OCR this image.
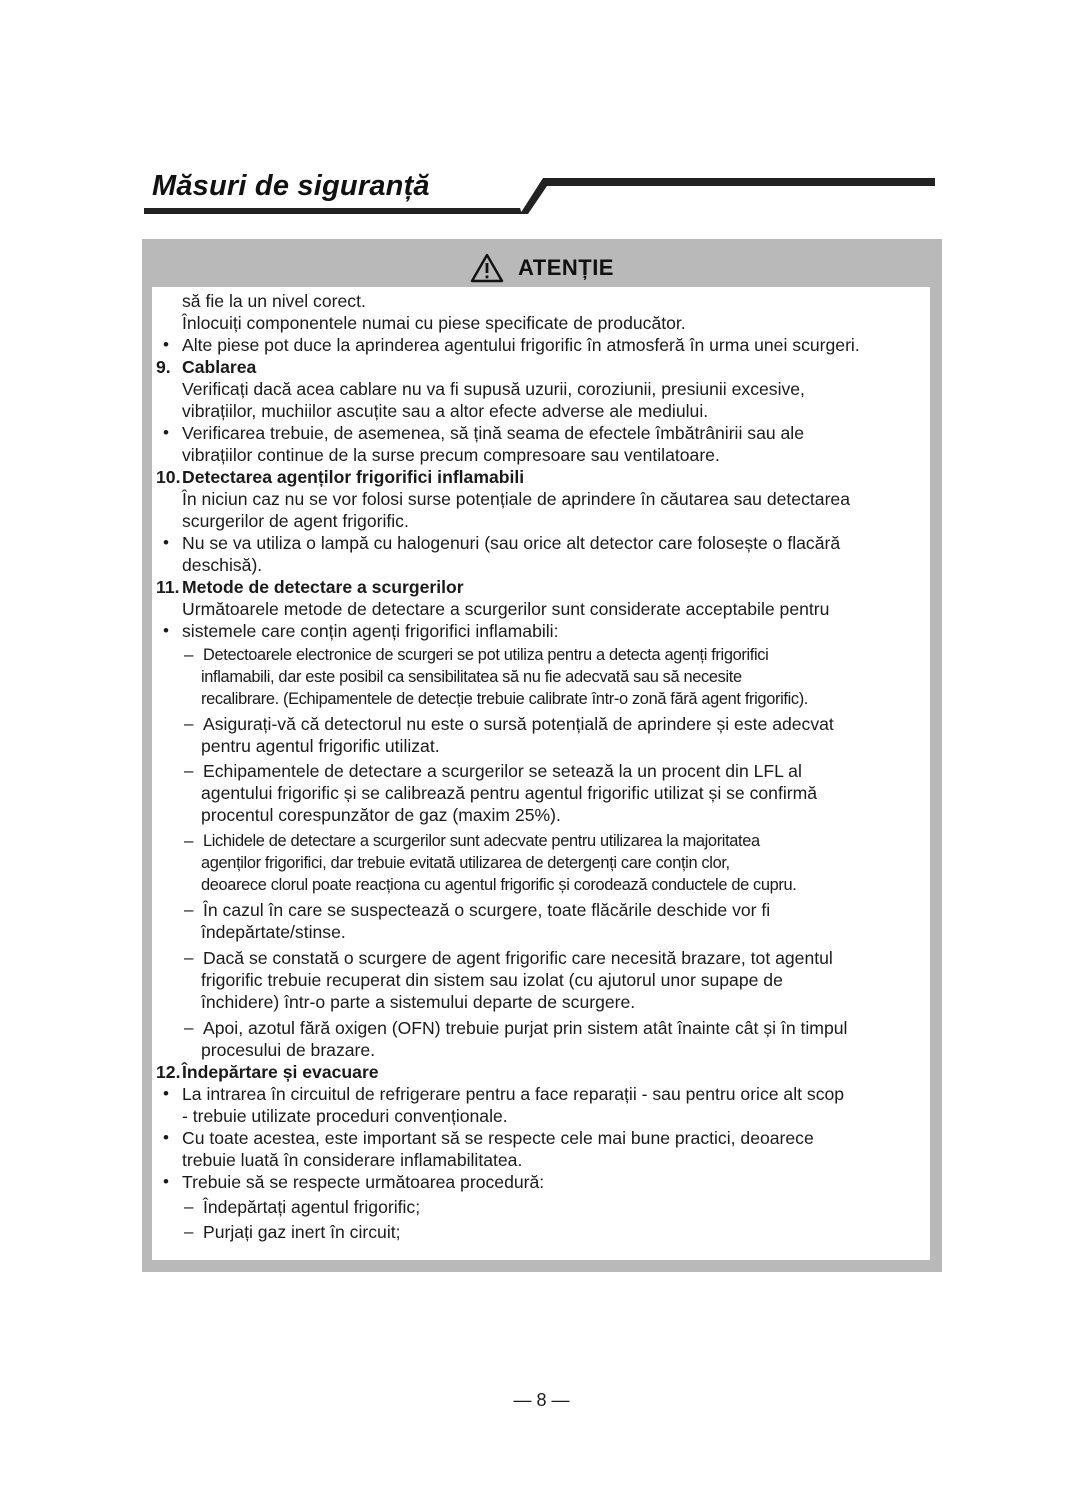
Măsuri de siguranță
ATENȚIE
să fie la un nivel corect.
Înlocuiți componentele numai cu piese specificate de producător.
• Alte piese pot duce la aprinderea agentului frigorific în atmosferă în urma unei scurgeri.
9. Cablarea
Verificați dacă acea cablare nu va fi supusă uzurii, coroziunii, presiunii excesive,
vibrațiilor, muchiilor ascuțite sau a altor efecte adverse ale mediului.
• Verificarea trebuie, de asemenea, să țină seama de efectele îmbătrânirii sau ale
vibrațiilor continue de la surse precum compresoare sau ventilatoare.
10. Detectarea agenților frigorifici inflamabili
În niciun caz nu se vor folosi surse potențiale de aprindere în căutarea sau detectarea
scurgerilor de agent frigorific.
• Nu se va utiliza o lampă cu halogenuri (sau orice alt detector care folosește o flacără
deschisă).
11. Metode de detectare a scurgerilor
Următoarele metode de detectare a scurgerilor sunt considerate acceptabile pentru
• sistemele care conțin agenți frigorifici inflamabili:
– Detectoarele electronice de scurgeri se pot utiliza pentru a detecta agenți frigorifici
inflamabili, dar este posibil ca sensibilitatea să nu fie adecvată sau să necesite
recalibrare. (Echipamentele de detecție trebuie calibrate într-o zonă fără agent frigorific).
– Asigurați-vă că detectorul nu este o sursă potențială de aprindere și este adecvat
pentru agentul frigorific utilizat.
– Echipamentele de detectare a scurgerilor se setează la un procent din LFL al
agentului frigorific și se calibrează pentru agentul frigorific utilizat și se confirmă
procentul corespunzător de gaz (maxim 25%).
– Lichidele de detectare a scurgerilor sunt adecvate pentru utilizarea la majoritatea
agenților frigorifici, dar trebuie evitată utilizarea de detergenți care conțin clor,
deoarece clorul poate reacționa cu agentul frigorific și corodează conductele de cupru.
– În cazul în care se suspectează o scurgere, toate flăcările deschide vor fi
îndepărtate/stinse.
– Dacă se constată o scurgere de agent frigorific care necesită brazare, tot agentul
frigorific trebuie recuperat din sistem sau izolat (cu ajutorul unor supape de
închidere) într-o parte a sistemului departe de scurgere.
– Apoi, azotul fără oxigen (OFN) trebuie purjat prin sistem atât înainte cât și în timpul
procesului de brazare.
12. Îndepărtare și evacuare
• La intrarea în circuitul de refrigerare pentru a face reparații - sau pentru orice alt scop
- trebuie utilizate proceduri convenționale.
• Cu toate acestea, este important să se respecte cele mai bune practici, deoarece
trebuie luată în considerare inflamabilitatea.
• Trebuie să se respecte următoarea procedură:
– Îndepărtați agentul frigorific;
– Purjați gaz inert în circuit;
— 8 —
